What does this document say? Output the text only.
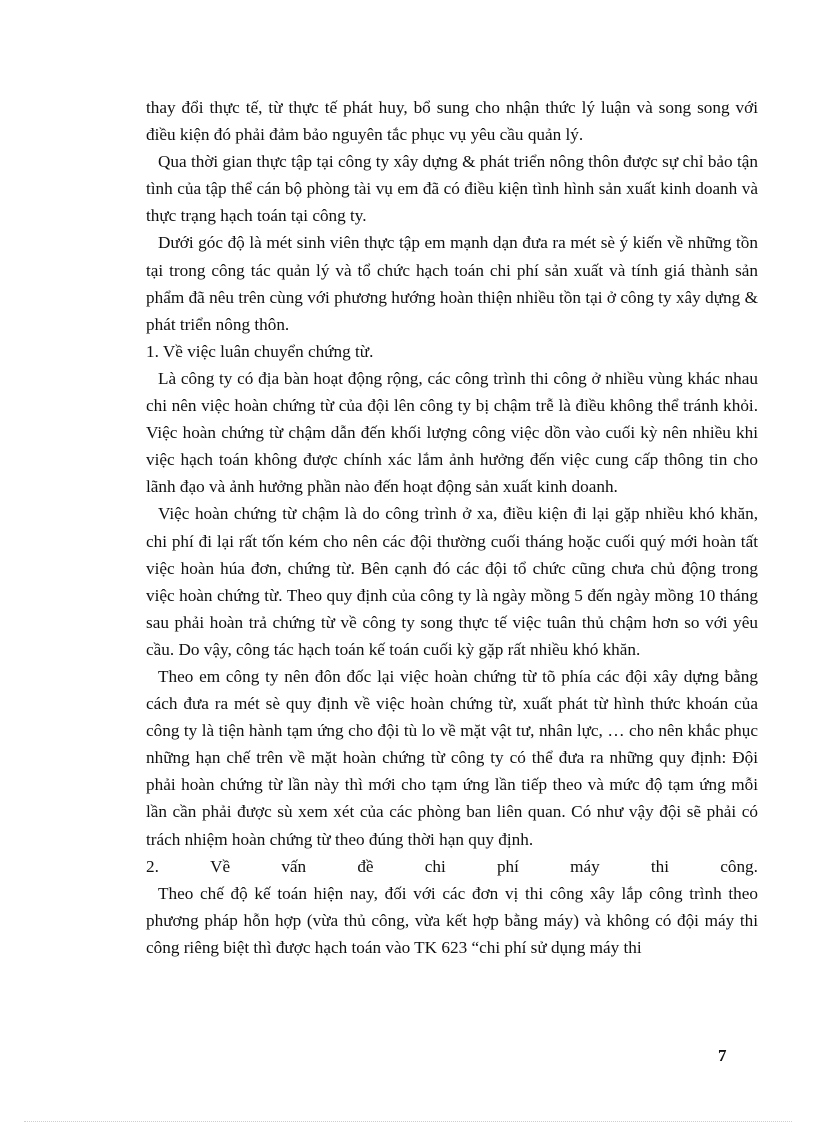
thay đổi thực tế, từ thực tế phát huy, bổ sung cho nhận thức lý luận và song song với điều kiện đó phải đảm bảo nguyên tắc phục vụ yêu cầu quản lý.

Qua thời gian thực tập tại công ty xây dựng & phát triển nông thôn được sự chỉ bảo tận tình của tập thể cán bộ phòng tài vụ em đã có điều kiện tình hình sản xuất kinh doanh và thực trạng hạch toán tại công ty.

Dưới góc độ là mét sinh viên thực tập em mạnh dạn đưa ra mét sè ý kiến về những tồn tại trong công tác quản lý và tổ chức hạch toán chi phí sản xuất và tính giá thành sản phẩm đã nêu trên cùng với phương hướng hoàn thiện nhiều tồn tại ở công ty xây dựng & phát triển nông thôn.

1. Về việc luân chuyển chứng từ.

Là công ty có địa bàn hoạt động rộng, các công trình thi công ở nhiều vùng khác nhau chi nên việc hoàn chứng từ của đội lên công ty bị chậm trễ là điều không thể tránh khỏi. Việc hoàn chứng từ chậm dẫn đến khối lượng công việc dồn vào cuối kỳ nên nhiều khi việc hạch toán không được chính xác lắm ảnh hưởng đến việc cung cấp thông tin cho lãnh đạo và ảnh hưởng phần nào đến hoạt động sản xuất kinh doanh.

Việc hoàn chứng từ chậm là do công trình ở xa, điều kiện đi lại gặp nhiều khó khăn, chi phí đi lại rất tốn kém cho nên các đội thường cuối tháng hoặc cuối quý mới hoàn tất việc hoàn húa đơn, chứng từ. Bên cạnh đó các đội tổ chức cũng chưa chủ động trong việc hoàn chứng từ. Theo quy định của công ty là ngày mồng 5 đến ngày mồng 10 tháng sau phải hoàn trả chứng từ về công ty song thực tế việc tuân thủ chậm hơn so với yêu cầu. Do vậy, công tác hạch toán kế toán cuối kỳ gặp rất nhiều khó khăn.

Theo em công ty nên đôn đốc lại việc hoàn chứng từ tõ phía các đội xây dựng bằng cách đưa ra mét sè quy định về việc hoàn chứng từ, xuất phát từ hình thức khoán của công ty là tiện hành tạm ứng cho đội tù lo về mặt vật tư, nhân lực, … cho nên khắc phục những hạn chế trên về mặt hoàn chứng từ công ty có thể đưa ra những quy định: Đội phải hoàn chứng từ lần này thì mới cho tạm ứng lần tiếp theo và mức độ tạm ứng mỗi lần cần phải được sù xem xét của các phòng ban liên quan. Có như vậy đội sẽ phải có trách nhiệm hoàn chứng từ theo đúng thời hạn quy định.

2.	Về	vấn	đề	chi	phí	máy	thi	công.

Theo chế độ kế toán hiện nay, đối với các đơn vị thi công xây lắp công trình theo phương pháp hỗn hợp (vừa thủ công, vừa kết hợp bằng máy) và không có đội máy thi công riêng biệt thì được hạch toán vào TK 623 “chi phí sử dụng máy thi

7
